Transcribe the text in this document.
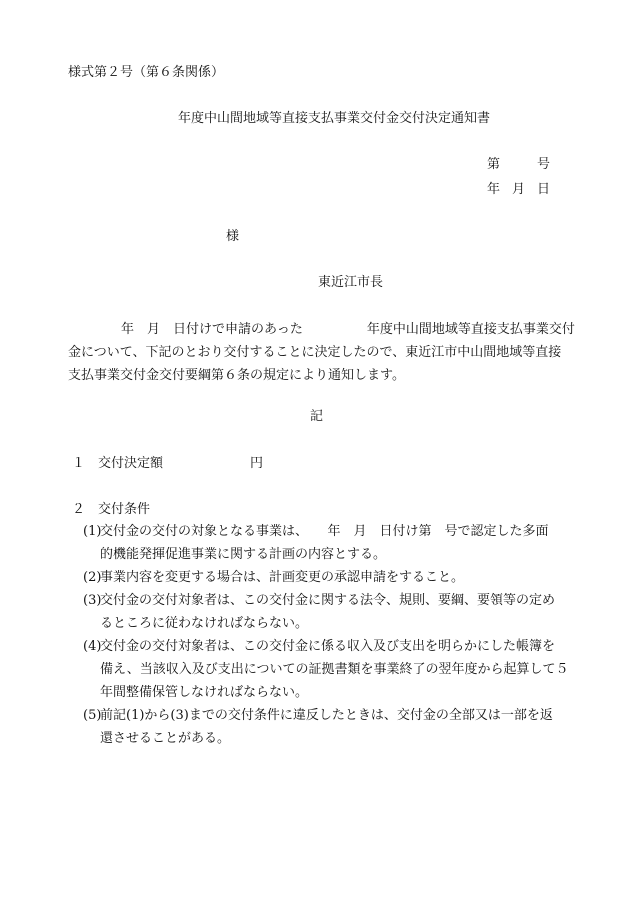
様式第２号（第６条関係）
年度中山間地域等直接支払事業交付金交付決定通知書
第	号
年 月 日
様
東近江市長
年　月　日付けで申請のあった	年度中山間地域等直接支払事業交付
金について、下記のとおり交付することに決定したので、東近江市中山間地域等直接
支払事業交付金交付要綱第６条の規定により通知します。
記
１　交付決定額	円
２　交付条件
(1)
交付金の交付の対象となる事業は、　　年　月　日付け第　号で認定した多面
的機能発揮促進事業に関する計画の内容とする。
(2)
事業内容を変更する場合は、計画変更の承認申請をすること。
(3)
交付金の交付対象者は、この交付金に関する法令、規則、要綱、要領等の定め
るところに従わなければならない。
(4)
交付金の交付対象者は、この交付金に係る収入及び支出を明らかにした帳簿を
備え、当該収入及び支出についての証拠書類を事業終了の翌年度から起算して５
年間整備保管しなければならない。
(5)
前記(1)から(3)までの交付条件に違反したときは、交付金の全部又は一部を返
還させることがある。
